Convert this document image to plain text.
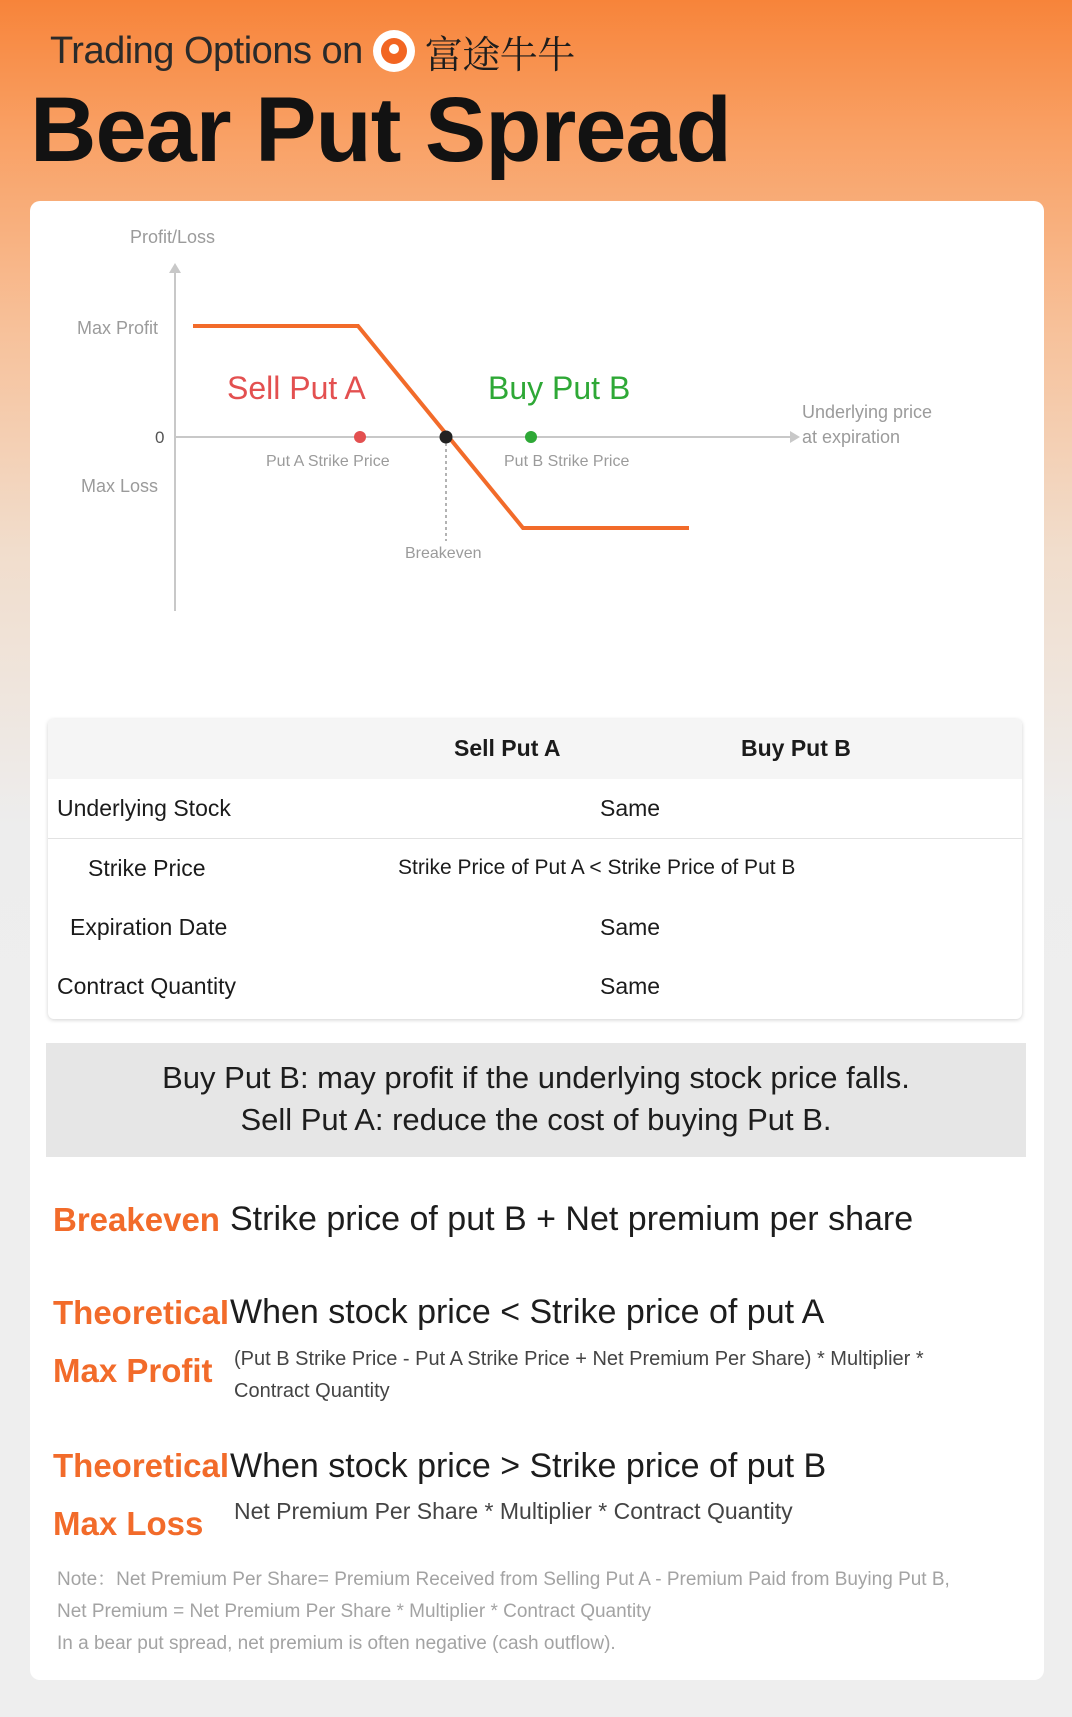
Trading Options on 富途牛牛
Bear Put Spread
Profit/Loss
Max Profit
0
Max Loss
Underlying price
at expiration
Sell Put A	Buy Put B
Put A Strike Price	Put B Strike Price
Breakeven
Sell Put A	Buy Put B
Underlying Stock	Same
Strike Price	Strike Price of Put A < Strike Price of Put B
Expiration Date	Same
Contract Quantity	Same
Buy Put B: may profit if the underlying stock price falls.
Sell Put A: reduce the cost of buying Put B.
Breakeven Strike price of put B + Net premium per share
Theoretical
Max Profit
When stock price < Strike price of put A
(Put B Strike Price - Put A Strike Price + Net Premium Per Share) * Multiplier *
Contract Quantity
Theoretical
Max Loss
When stock price > Strike price of put B
Net Premium Per Share * Multiplier * Contract Quantity
Note：Net Premium Per Share= Premium Received from Selling Put A - Premium Paid from Buying Put B,
Net Premium = Net Premium Per Share * Multiplier * Contract Quantity
In a bear put spread, net premium is often negative (cash outflow).
